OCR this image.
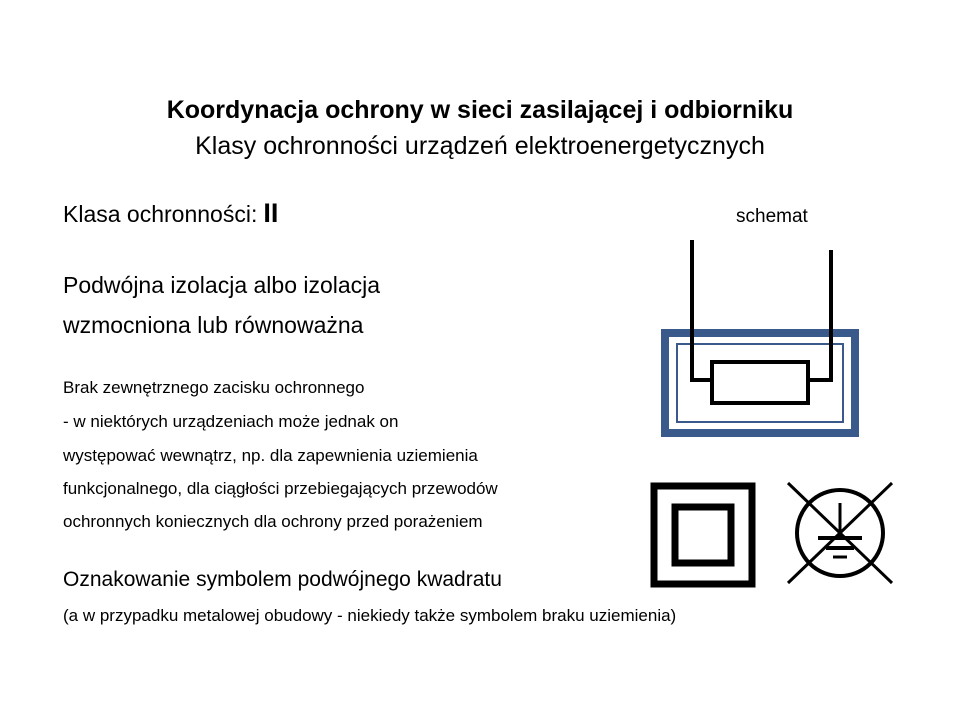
Koordynacja ochrony w sieci zasilającej i odbiorniku
Klasy ochronności urządzeń elektroenergetycznych
Klasa ochronności: II	schemat
Podwójna izolacja albo izolacja
wzmocniona lub równoważna
Brak zewnętrznego zacisku ochronnego
- w niektórych urządzeniach może jednak on
występować wewnątrz, np. dla zapewnienia uziemienia
funkcjonalnego, dla ciągłości przebiegających przewodów
ochronnych koniecznych dla ochrony przed porażeniem
Oznakowanie symbolem podwójnego kwadratu
(a w przypadku metalowej obudowy - niekiedy także symbolem braku uziemienia)
